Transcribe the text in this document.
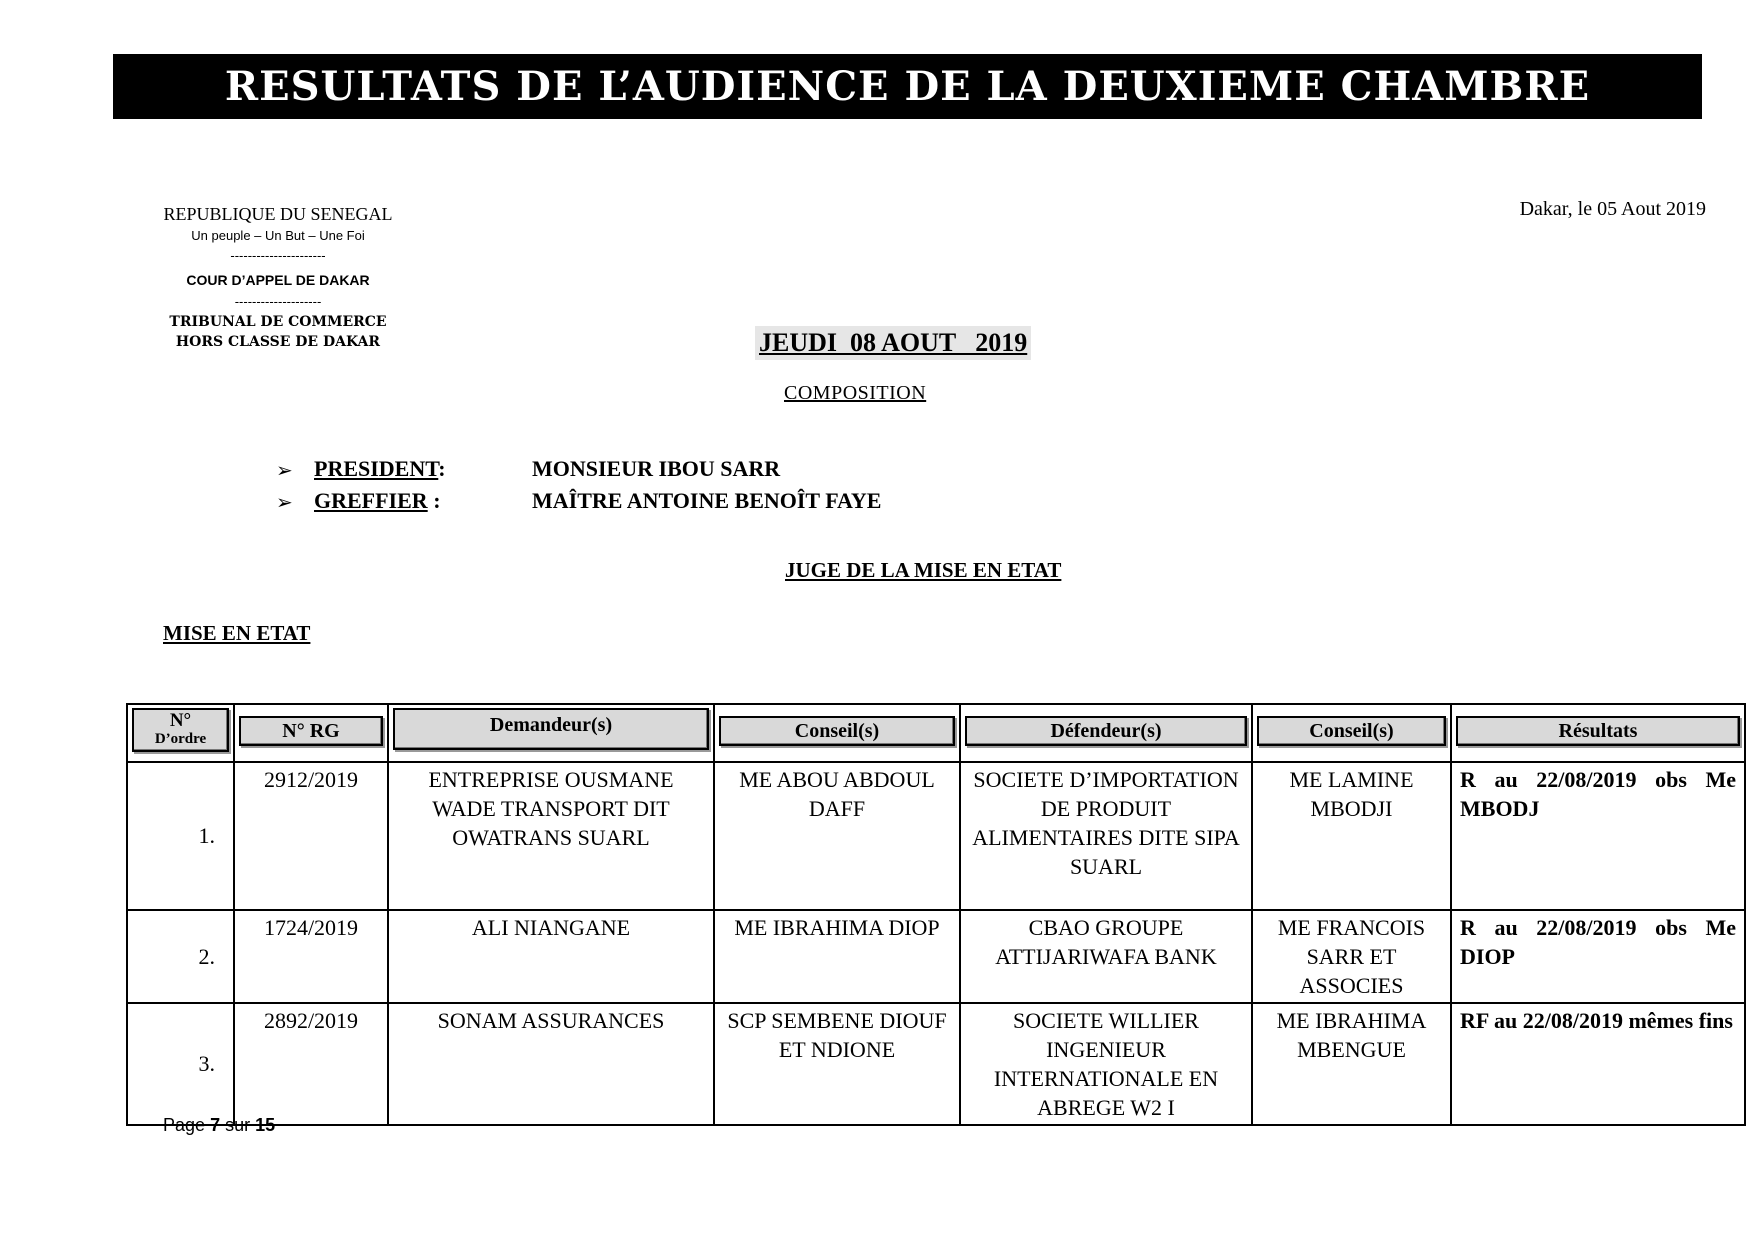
RESULTATS DE L’AUDIENCE DE LA DEUXIEME CHAMBRE
REPUBLIQUE DU SENEGAL
Un peuple – Un But – Une Foi
----------------------
COUR D’APPEL DE DAKAR
--------------------
TRIBUNAL DE COMMERCE
HORS CLASSE DE DAKAR
Dakar, le 05 Aout 2019
JEUDI  08 AOUT   2019
COMPOSITION
➢ PRESIDENT:	MONSIEUR IBOU SARR
➢ GREFFIER :	MAÎTRE ANTOINE BENOÎT FAYE
JUGE DE LA MISE EN ETAT
MISE EN ETAT
N°
D’ordre	N° RG	Demandeur(s)	Conseil(s)	Défendeur(s)	Conseil(s)	Résultats

1.	2912/2019	ENTREPRISE OUSMANE WADE TRANSPORT DIT OWATRANS SUARL	ME ABOU ABDOUL DAFF	SOCIETE D’IMPORTATION DE PRODUIT ALIMENTAIRES DITE SIPA SUARL	ME LAMINE MBODJI	R au 22/08/2019 obs Me MBODJ
2.	1724/2019	ALI NIANGANE	ME IBRAHIMA DIOP	CBAO GROUPE ATTIJARIWAFA BANK	ME FRANCOIS SARR ET ASSOCIES	R au 22/08/2019 obs Me DIOP
3.	2892/2019	SONAM ASSURANCES	SCP SEMBENE DIOUF ET NDIONE	SOCIETE WILLIER INGENIEUR INTERNATIONALE EN ABREGE W2 I	ME IBRAHIMA MBENGUE	RF au 22/08/2019 mêmes fins
Page 7 sur 15
